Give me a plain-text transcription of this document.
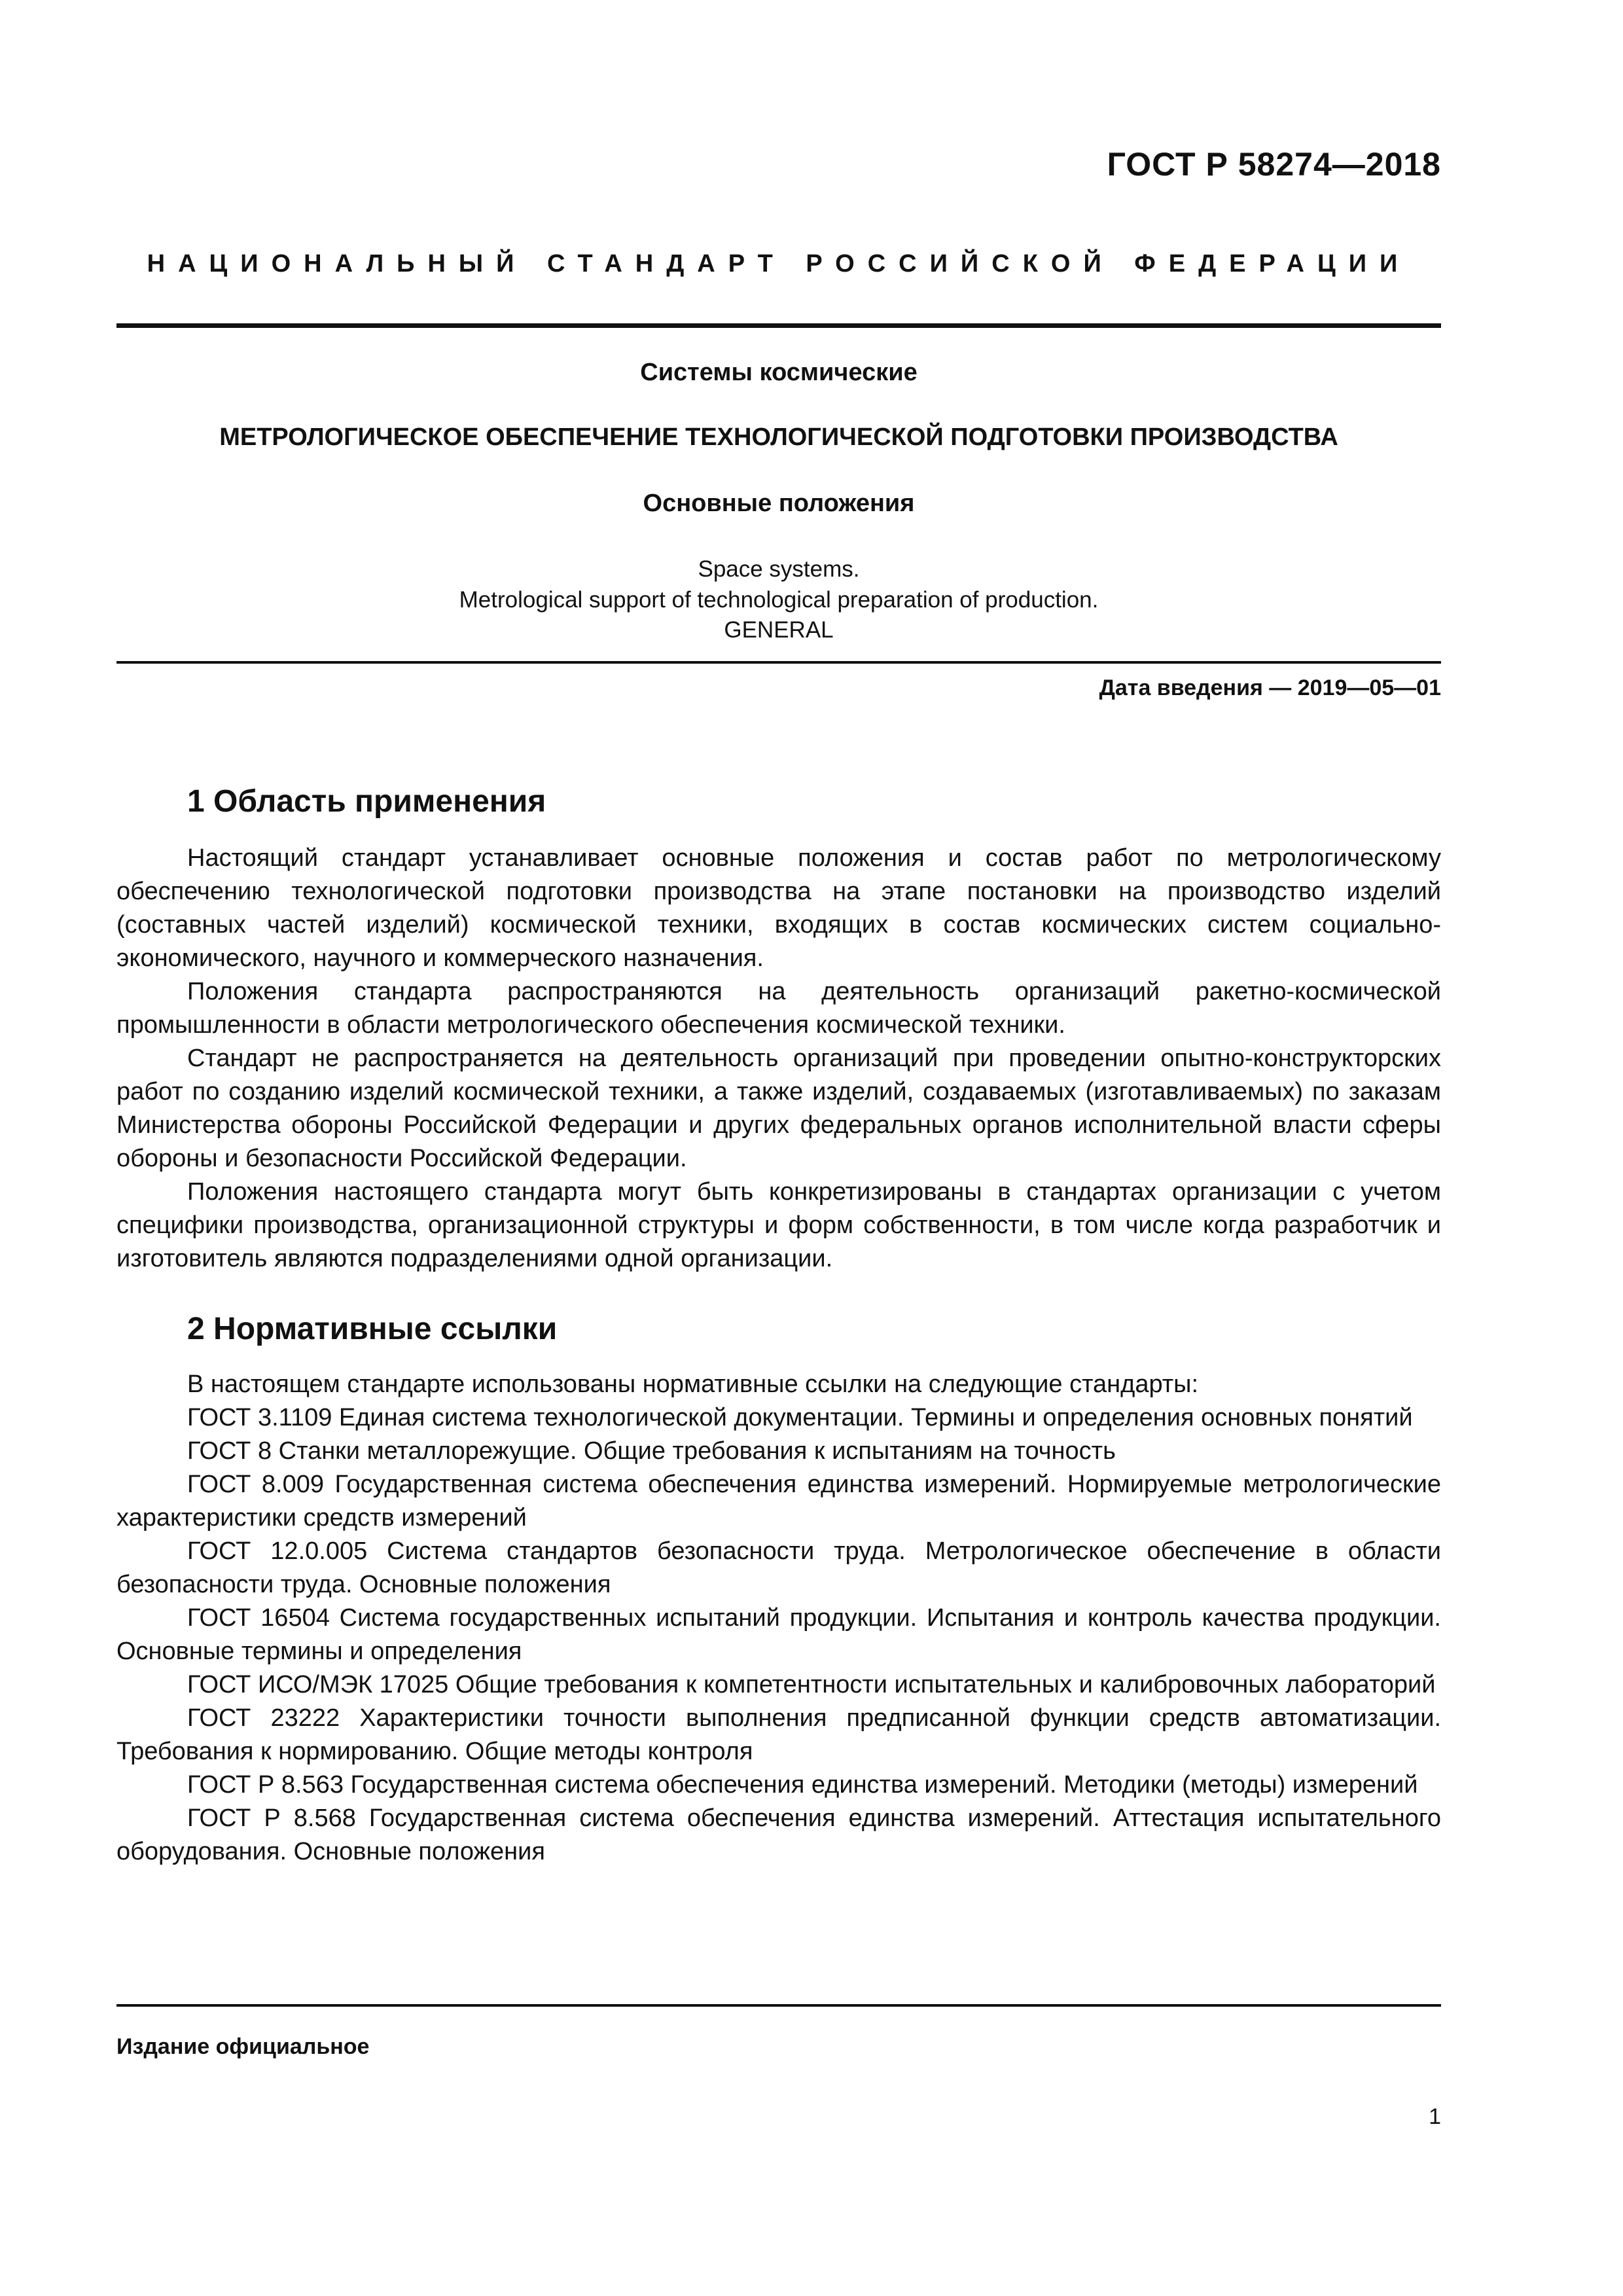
ГОСТ Р 58274—2018
НАЦИОНАЛЬНЫЙ СТАНДАРТ РОССИЙСКОЙ ФЕДЕРАЦИИ
Системы космические
МЕТРОЛОГИЧЕСКОЕ ОБЕСПЕЧЕНИЕ ТЕХНОЛОГИЧЕСКОЙ ПОДГОТОВКИ ПРОИЗВОДСТВА
Основные положения
Space systems.
Metrological support of technological preparation of production.
GENERAL
Дата введения — 2019—05—01
1 Область применения

Настоящий стандарт устанавливает основные положения и состав работ по метрологическому обеспечению технологической подготовки производства на этапе постановки на производство изделий (составных частей изделий) космической техники, входящих в состав космических систем социально-экономического, научного и коммерческого назначения.

Положения стандарта распространяются на деятельность организаций ракетно-космической промышленности в области метрологического обеспечения космической техники.

Стандарт не распространяется на деятельность организаций при проведении опытно-конструкторских работ по созданию изделий космической техники, а также изделий, создаваемых (изготавливаемых) по заказам Министерства обороны Российской Федерации и других федеральных органов исполнительной власти сферы обороны и безопасности Российской Федерации.

Положения настоящего стандарта могут быть конкретизированы в стандартах организации с учетом специфики производства, организационной структуры и форм собственности, в том числе когда разработчик и изготовитель являются подразделениями одной организации.

2 Нормативные ссылки

В настоящем стандарте использованы нормативные ссылки на следующие стандарты:

ГОСТ 3.1109 Единая система технологической документации. Термины и определения основных понятий

ГОСТ 8 Станки металлорежущие. Общие требования к испытаниям на точность

ГОСТ 8.009 Государственная система обеспечения единства измерений. Нормируемые метрологические характеристики средств измерений

ГОСТ 12.0.005 Система стандартов безопасности труда. Метрологическое обеспечение в области безопасности труда. Основные положения

ГОСТ 16504 Система государственных испытаний продукции. Испытания и контроль качества продукции. Основные термины и определения

ГОСТ ИСО/МЭК 17025 Общие требования к компетентности испытательных и калибровочных лабораторий

ГОСТ 23222 Характеристики точности выполнения предписанной функции средств автоматизации. Требования к нормированию. Общие методы контроля

ГОСТ Р 8.563 Государственная система обеспечения единства измерений. Методики (методы) измерений

ГОСТ Р 8.568 Государственная система обеспечения единства измерений. Аттестация испытательного оборудования. Основные положения

Издание официальное
1
